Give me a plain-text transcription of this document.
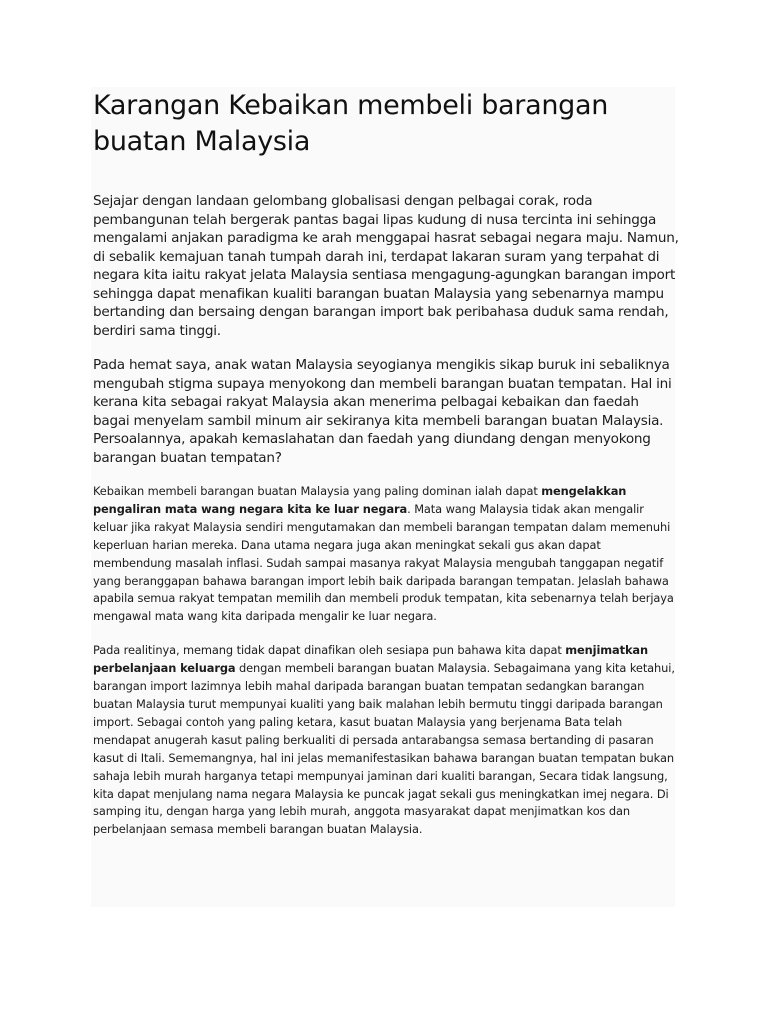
Karangan Kebaikan membeli barangan buatan Malaysia

Sejajar dengan landaan gelombang globalisasi dengan pelbagai corak, roda pembangunan telah bergerak pantas bagai lipas kudung di nusa tercinta ini sehingga mengalami anjakan paradigma ke arah menggapai hasrat sebagai negara maju. Namun, di sebalik kemajuan tanah tumpah darah ini, terdapat lakaran suram yang terpahat di negara kita iaitu rakyat jelata Malaysia sentiasa mengagung-agungkan barangan import sehingga dapat menafikan kualiti barangan buatan Malaysia yang sebenarnya mampu bertanding dan bersaing dengan barangan import bak peribahasa duduk sama rendah, berdiri sama tinggi.

Pada hemat saya, anak watan Malaysia seyogianya mengikis sikap buruk ini sebaliknya mengubah stigma supaya menyokong dan membeli barangan buatan tempatan. Hal ini kerana kita sebagai rakyat Malaysia akan menerima pelbagai kebaikan dan faedah bagai menyelam sambil minum air sekiranya kita membeli barangan buatan Malaysia. Persoalannya, apakah kemaslahatan dan faedah yang diundang dengan menyokong barangan buatan tempatan?

Kebaikan membeli barangan buatan Malaysia yang paling dominan ialah dapat mengelakkan pengaliran mata wang negara kita ke luar negara. Mata wang Malaysia tidak akan mengalir keluar jika rakyat Malaysia sendiri mengutamakan dan membeli barangan tempatan dalam memenuhi keperluan harian mereka. Dana utama negara juga akan meningkat sekali gus akan dapat membendung masalah inflasi. Sudah sampai masanya rakyat Malaysia mengubah tanggapan negatif yang beranggapan bahawa barangan import lebih baik daripada barangan tempatan. Jelaslah bahawa apabila semua rakyat tempatan memilih dan membeli produk tempatan, kita sebenarnya telah berjaya mengawal mata wang kita daripada mengalir ke luar negara.

Pada realitinya, memang tidak dapat dinafikan oleh sesiapa pun bahawa kita dapat menjimatkan perbelanjaan keluarga dengan membeli barangan buatan Malaysia. Sebagaimana yang kita ketahui, barangan import lazimnya lebih mahal daripada barangan buatan tempatan sedangkan barangan buatan Malaysia turut mempunyai kualiti yang baik malahan lebih bermutu tinggi daripada barangan import. Sebagai contoh yang paling ketara, kasut buatan Malaysia yang berjenama Bata telah mendapat anugerah kasut paling berkualiti di persada antarabangsa semasa bertanding di pasaran kasut di Itali. Sememangnya, hal ini jelas memanifestasikan bahawa barangan buatan tempatan bukan sahaja lebih murah harganya tetapi mempunyai jaminan dari kualiti barangan, Secara tidak langsung, kita dapat menjulang nama negara Malaysia ke puncak jagat sekali gus meningkatkan imej negara. Di samping itu, dengan harga yang lebih murah, anggota masyarakat dapat menjimatkan kos dan perbelanjaan semasa membeli barangan buatan Malaysia.
